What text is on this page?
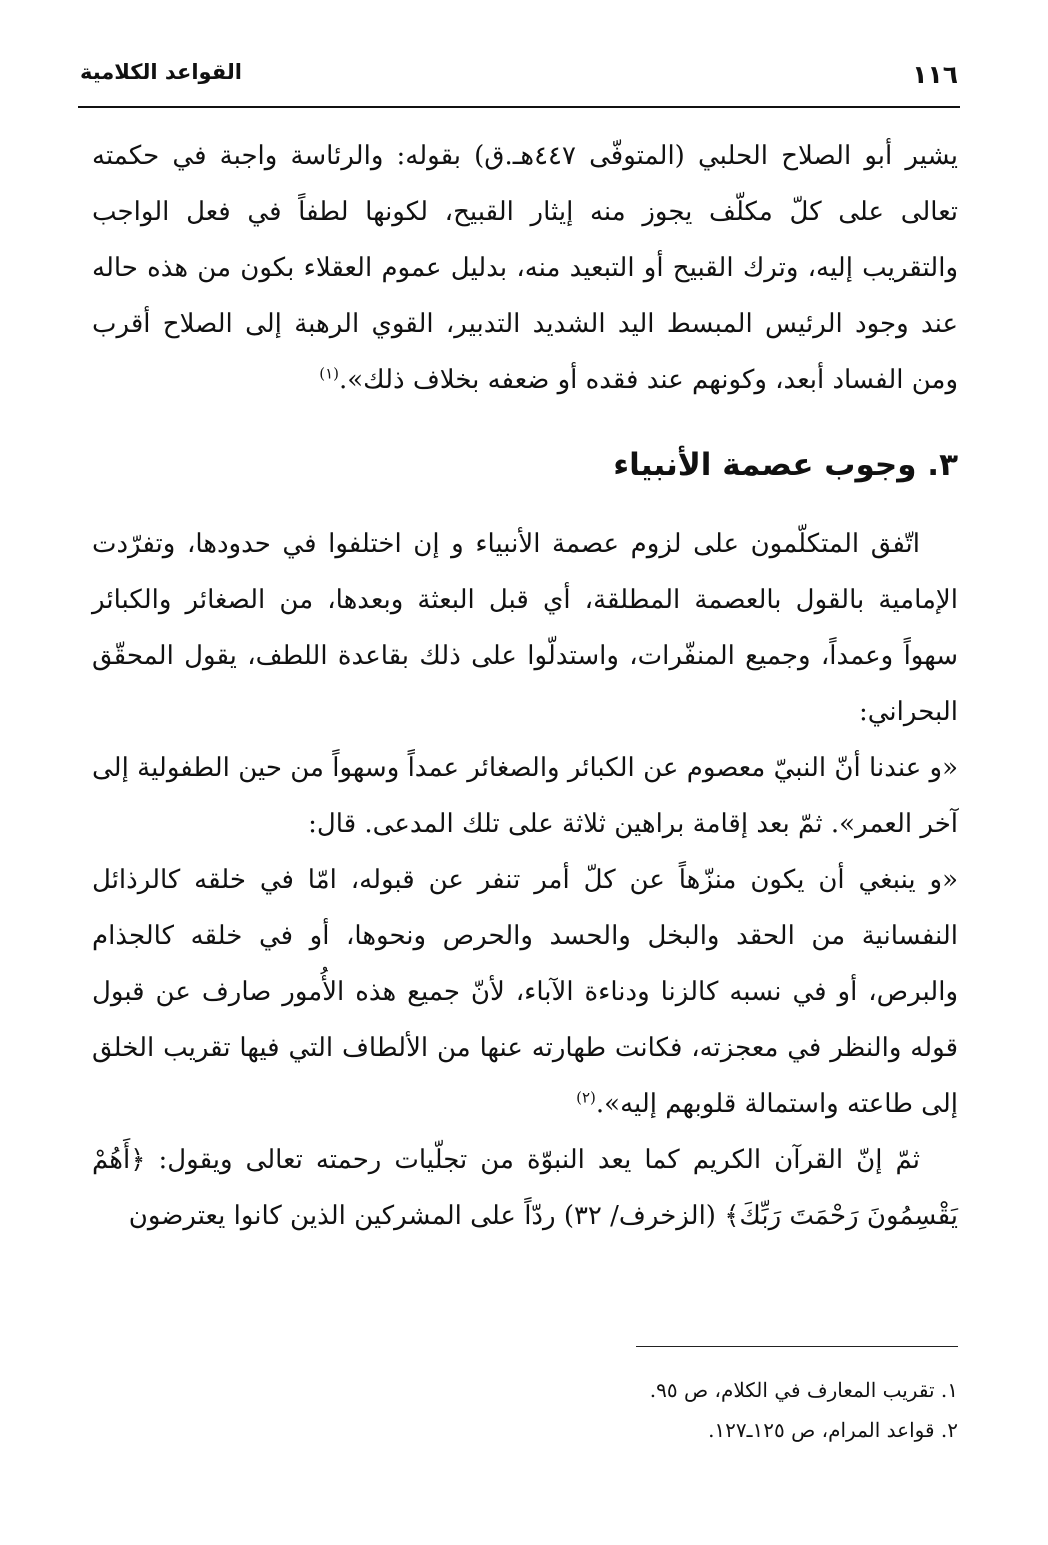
١١٦
القواعد الكلامية

يشير أبو الصلاح الحلبي (المتوفّى ٤٤٧هـ.ق) بقوله: والرئاسة واجبة في حكمته تعالى على كلّ مكلّف يجوز منه إيثار القبيح، لكونها لطفاً في فعل الواجب والتقريب إليه، وترك القبيح أو التبعيد منه، بدليل عموم العقلاء بكون من هذه حاله عند وجود الرئيس المبسط اليد الشديد التدبير، القوي الرهبة إلى الصلاح أقرب ومن الفساد أبعد، وكونهم عند فقده أو ضعفه بخلاف ذلك».$^{(١)}$

٣. وجوب عصمة الأنبياء

اتّفق المتكلّمون على لزوم عصمة الأنبياء و إن اختلفوا في حدودها، وتفرّدت الإمامية بالقول بالعصمة المطلقة، أي قبل البعثة وبعدها، من الصغائر والكبائر سهواً وعمداً، وجميع المنفّرات، واستدلّوا على ذلك بقاعدة اللطف، يقول المحقّق البحراني:

«و عندنا أنّ النبيّ معصوم عن الكبائر والصغائر عمداً وسهواً من حين الطفولية إلى آخر العمر». ثمّ بعد إقامة براهين ثلاثة على تلك المدعى. قال:

«و ينبغي أن يكون منزّهاً عن كلّ أمر تنفر عن قبوله، امّا في خلقه كالرذائل النفسانية من الحقد والبخل والحسد والحرص ونحوها، أو في خلقه كالجذام والبرص، أو في نسبه كالزنا ودناءة الآباء، لأنّ جميع هذه الأُمور صارف عن قبول قوله والنظر في معجزته، فكانت طهارته عنها من الألطاف التي فيها تقريب الخلق إلى طاعته واستمالة قلوبهم إليه».$^{(٢)}$

ثمّ إنّ القرآن الكريم كما يعد النبوّة من تجلّيات رحمته تعالى ويقول: ﴿أَهُمْ يَقْسِمُونَ رَحْمَتَ رَبِّكَ﴾ (الزخرف/ ٣٢) ردّاً على المشركين الذين كانوا يعترضون

١. تقريب المعارف في الكلام، ص ٩٥.
٢. قواعد المرام، ص ١٢٥ـ١٢٧.
